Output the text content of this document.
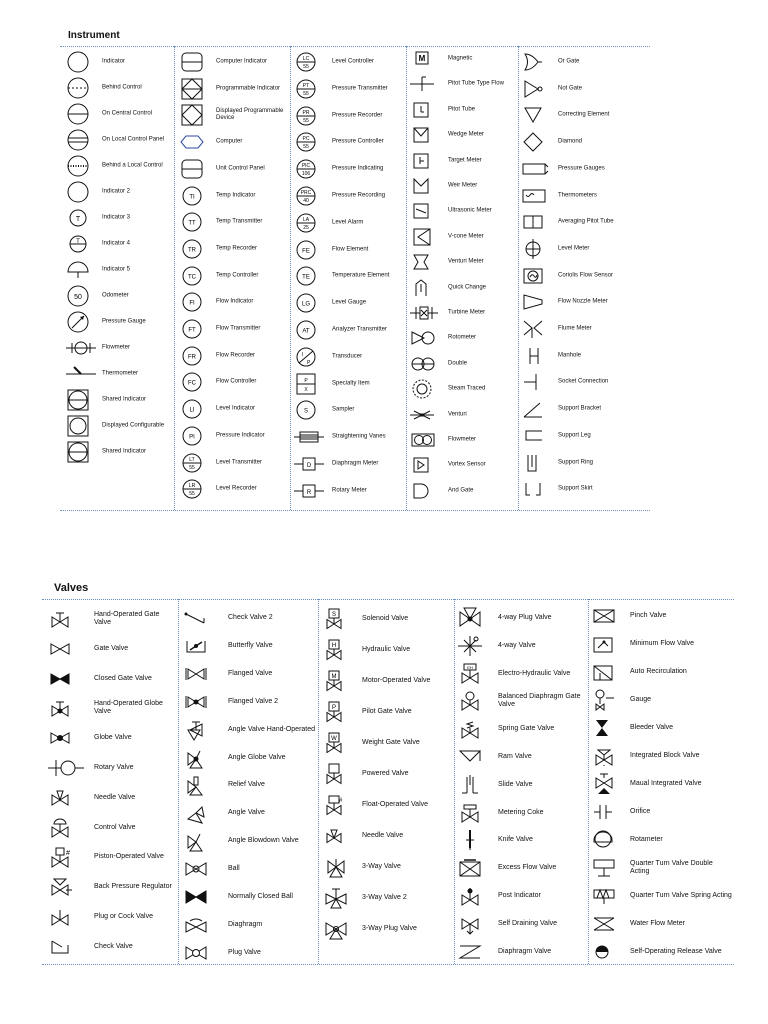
Instrument
Valves
Indicator
Behind Control
On Central Control
On Local Control Panel
Behind a Local Control
Indicator 2
T	Indicator 3
T	Indicator 4
Indicator 5
50	Odometer
Pressure Gauge
Flowmeter
Thermometer
Shared Indicator
Displayed Configurable
Shared Indicator
Computer Indicator
Programmable Indicator
Displayed Programmable Device
Computer
Unit Control Panel
TI	Temp Indicator
TT	Temp Transmitter
TR	Temp Recorder
TC	Temp Controller
FI	Flow Indicator
FT	Flow Transmitter
FR	Flow Recorder
FC	Flow Controller
LI	Level Indicator
PI	Pressure Indicator
LT
55
Level Transmitter
LR
55
Level Recorder
LC
55
Level Controller
PT
55
Pressure Transmitter
PR
55
Pressure Recorder
PC
55
Pressure Controller
PIC
106
Pressure Indicating
PRC
40
Pressure Recording
LA
25
Level Alarm
FE	Flow Element
TE	Temperature Element
LG	Level Gauge
AT	Analyzer Transmitter
I
P
Transducer
P
X
Specialty Item
S	Sampler
Straightening Vanes
D	Diaphragm Meter
R	Rotary Meter
M	Magnetic
Pitot Tube Type Flow
Pitot Tube
Wedge Meter
Target Meter
Weir Meter
Ultrasonic Meter
V-cone Meter
Venturi Meter
Quick Change
Turbine Meter
Rotometer
Double
Steam Traced
Venturi
Flowmeter
Vortex Sensor
And Gate
Or Gate
Not Gate
Correcting Element
Diamond
Pressure Gauges
Thermometers
Averaging Pitot Tube
Level Meter
Coriolis Flow Sensor
Flow Nozzle Meter
Flume Meter
Manhole
Socket Connection
Support Bracket
Support Leg
Support Ring
Support Skirt
Hand-Operated Gate Valve
Gate Valve
Closed Gate Valve
Hand-Operated Globe Valve
Globe Valve
Rotary Valve
Needle Valve
Control Valve
#	Piston-Operated Valve
Back Pressure Regulator
Plug or Cock Valve
Check Valve
Check Valve 2
Butterfly Valve
Flanged Valve
Flanged Valve 2
Angle Valve Hand-Operated
Angle Globe Valve
Relief Valve
Angle Valve
Angle Blowdown Valve
Ball
Normally Closed Ball
Diaghragm
Plug Valve
S	Solenoid Valve
H	Hydraulic Valve
M	Motor-Operated Valve
P	Pilot Gate Valve
W	Weight Gate Valve
Powered Valve
#	Float-Operated Valve
Needle Valve
3-Way Valve
3-Way Valve 2
3-Way Plug Valve
4-way Plug Valve
4-way Valve
EH
Electro-Hydraulic Valve
Balanced Diaphragm Gate Valve
Spring Gate Valve
Ram Valve
Slide Valve
Metering Coke
Knife Valve
Excess Flow Valve
Post Indicator
Self Draining Valve
Diaphragm Valve
Pinch Valve
Minimum Flow Valve
Auto Recirculation
Gauge
Bleeder Valve
Integrated Block Valve
Maual Integrated Valve
Orifice
Rotameter
Quarter Turn Valve Double Acting
Quarter Turn Valve Spring Acting
Water Flow Meter
Self-Operating Release Valve
